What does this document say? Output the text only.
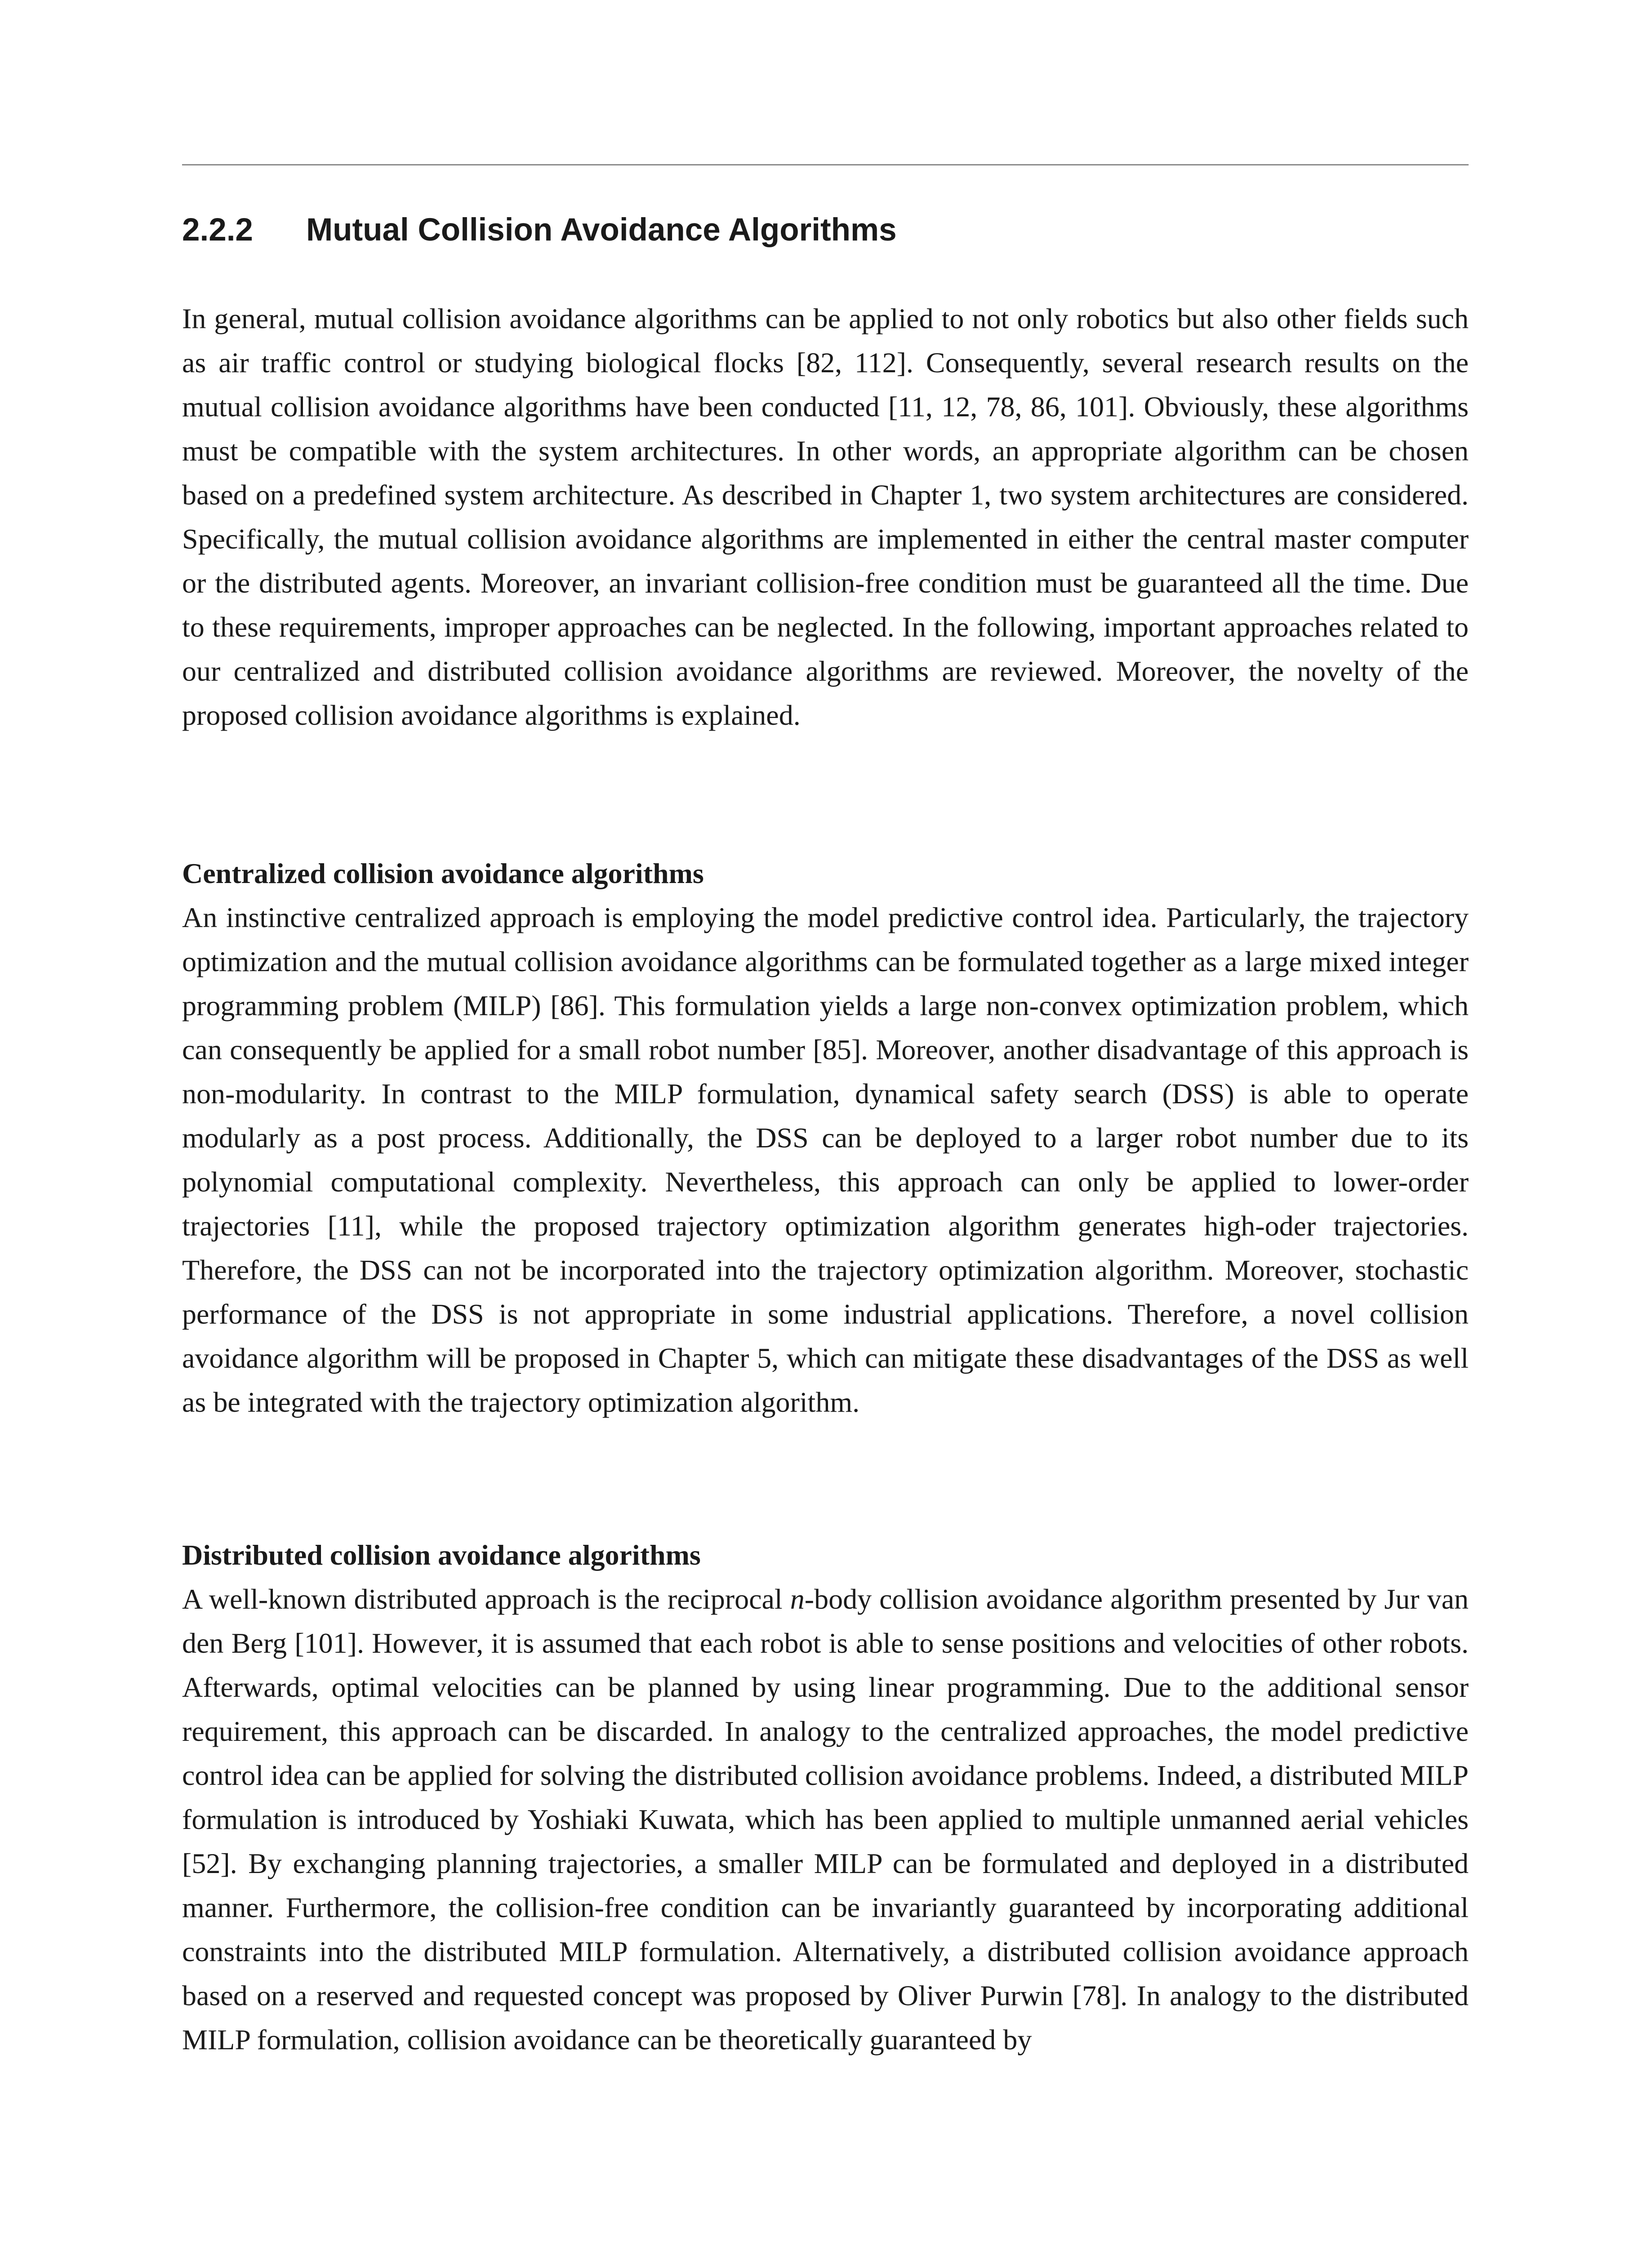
2.2.2 Mutual Collision Avoidance Algorithms

In general, mutual collision avoidance algorithms can be applied to not only robotics but also other fields such as air traffic control or studying biological flocks [82, 112]. Consequently, several research results on the mutual collision avoidance algorithms have been conducted [11, 12, 78, 86, 101]. Obviously, these algorithms must be compatible with the system architectures. In other words, an appropriate algorithm can be chosen based on a predefined system architecture. As described in Chapter 1, two system architectures are considered. Specifically, the mutual collision avoidance algorithms are implemented in either the central master computer or the distributed agents. Moreover, an invariant collision-free condition must be guaranteed all the time. Due to these requirements, improper approaches can be neglected. In the following, important approaches related to our centralized and distributed collision avoidance algorithms are reviewed. Moreover, the novelty of the proposed collision avoidance algorithms is explained.

Centralized collision avoidance algorithms

An instinctive centralized approach is employing the model predictive control idea. Particularly, the trajectory optimization and the mutual collision avoidance algorithms can be formulated together as a large mixed integer programming problem (MILP) [86]. This formulation yields a large non-convex optimization problem, which can consequently be applied for a small robot number [85]. Moreover, another disadvantage of this approach is non-modularity. In contrast to the MILP formulation, dynamical safety search (DSS) is able to operate modularly as a post process. Additionally, the DSS can be deployed to a larger robot number due to its polynomial computational complexity. Nevertheless, this approach can only be applied to lower-order trajectories [11], while the proposed trajectory optimization algorithm generates high-oder trajectories. Therefore, the DSS can not be incorporated into the trajectory optimization algorithm. Moreover, stochastic performance of the DSS is not appropriate in some industrial applications. Therefore, a novel collision avoidance algorithm will be proposed in Chapter 5, which can mitigate these disadvantages of the DSS as well as be integrated with the trajectory optimization algorithm.

Distributed collision avoidance algorithms

A well-known distributed approach is the reciprocal n-body collision avoidance algorithm presented by Jur van den Berg [101]. However, it is assumed that each robot is able to sense positions and velocities of other robots. Afterwards, optimal velocities can be planned by using linear programming. Due to the additional sensor requirement, this approach can be discarded. In analogy to the centralized approaches, the model predictive control idea can be applied for solving the distributed collision avoidance problems. Indeed, a distributed MILP formulation is introduced by Yoshiaki Kuwata, which has been applied to multiple unmanned aerial vehicles [52]. By exchanging planning trajectories, a smaller MILP can be formulated and deployed in a distributed manner. Furthermore, the collision-free condition can be invariantly guaranteed by incorporating additional constraints into the distributed MILP formulation. Alternatively, a distributed collision avoidance approach based on a reserved and requested concept was proposed by Oliver Purwin [78]. In analogy to the distributed MILP formulation, collision avoidance can be theoretically guaranteed by
